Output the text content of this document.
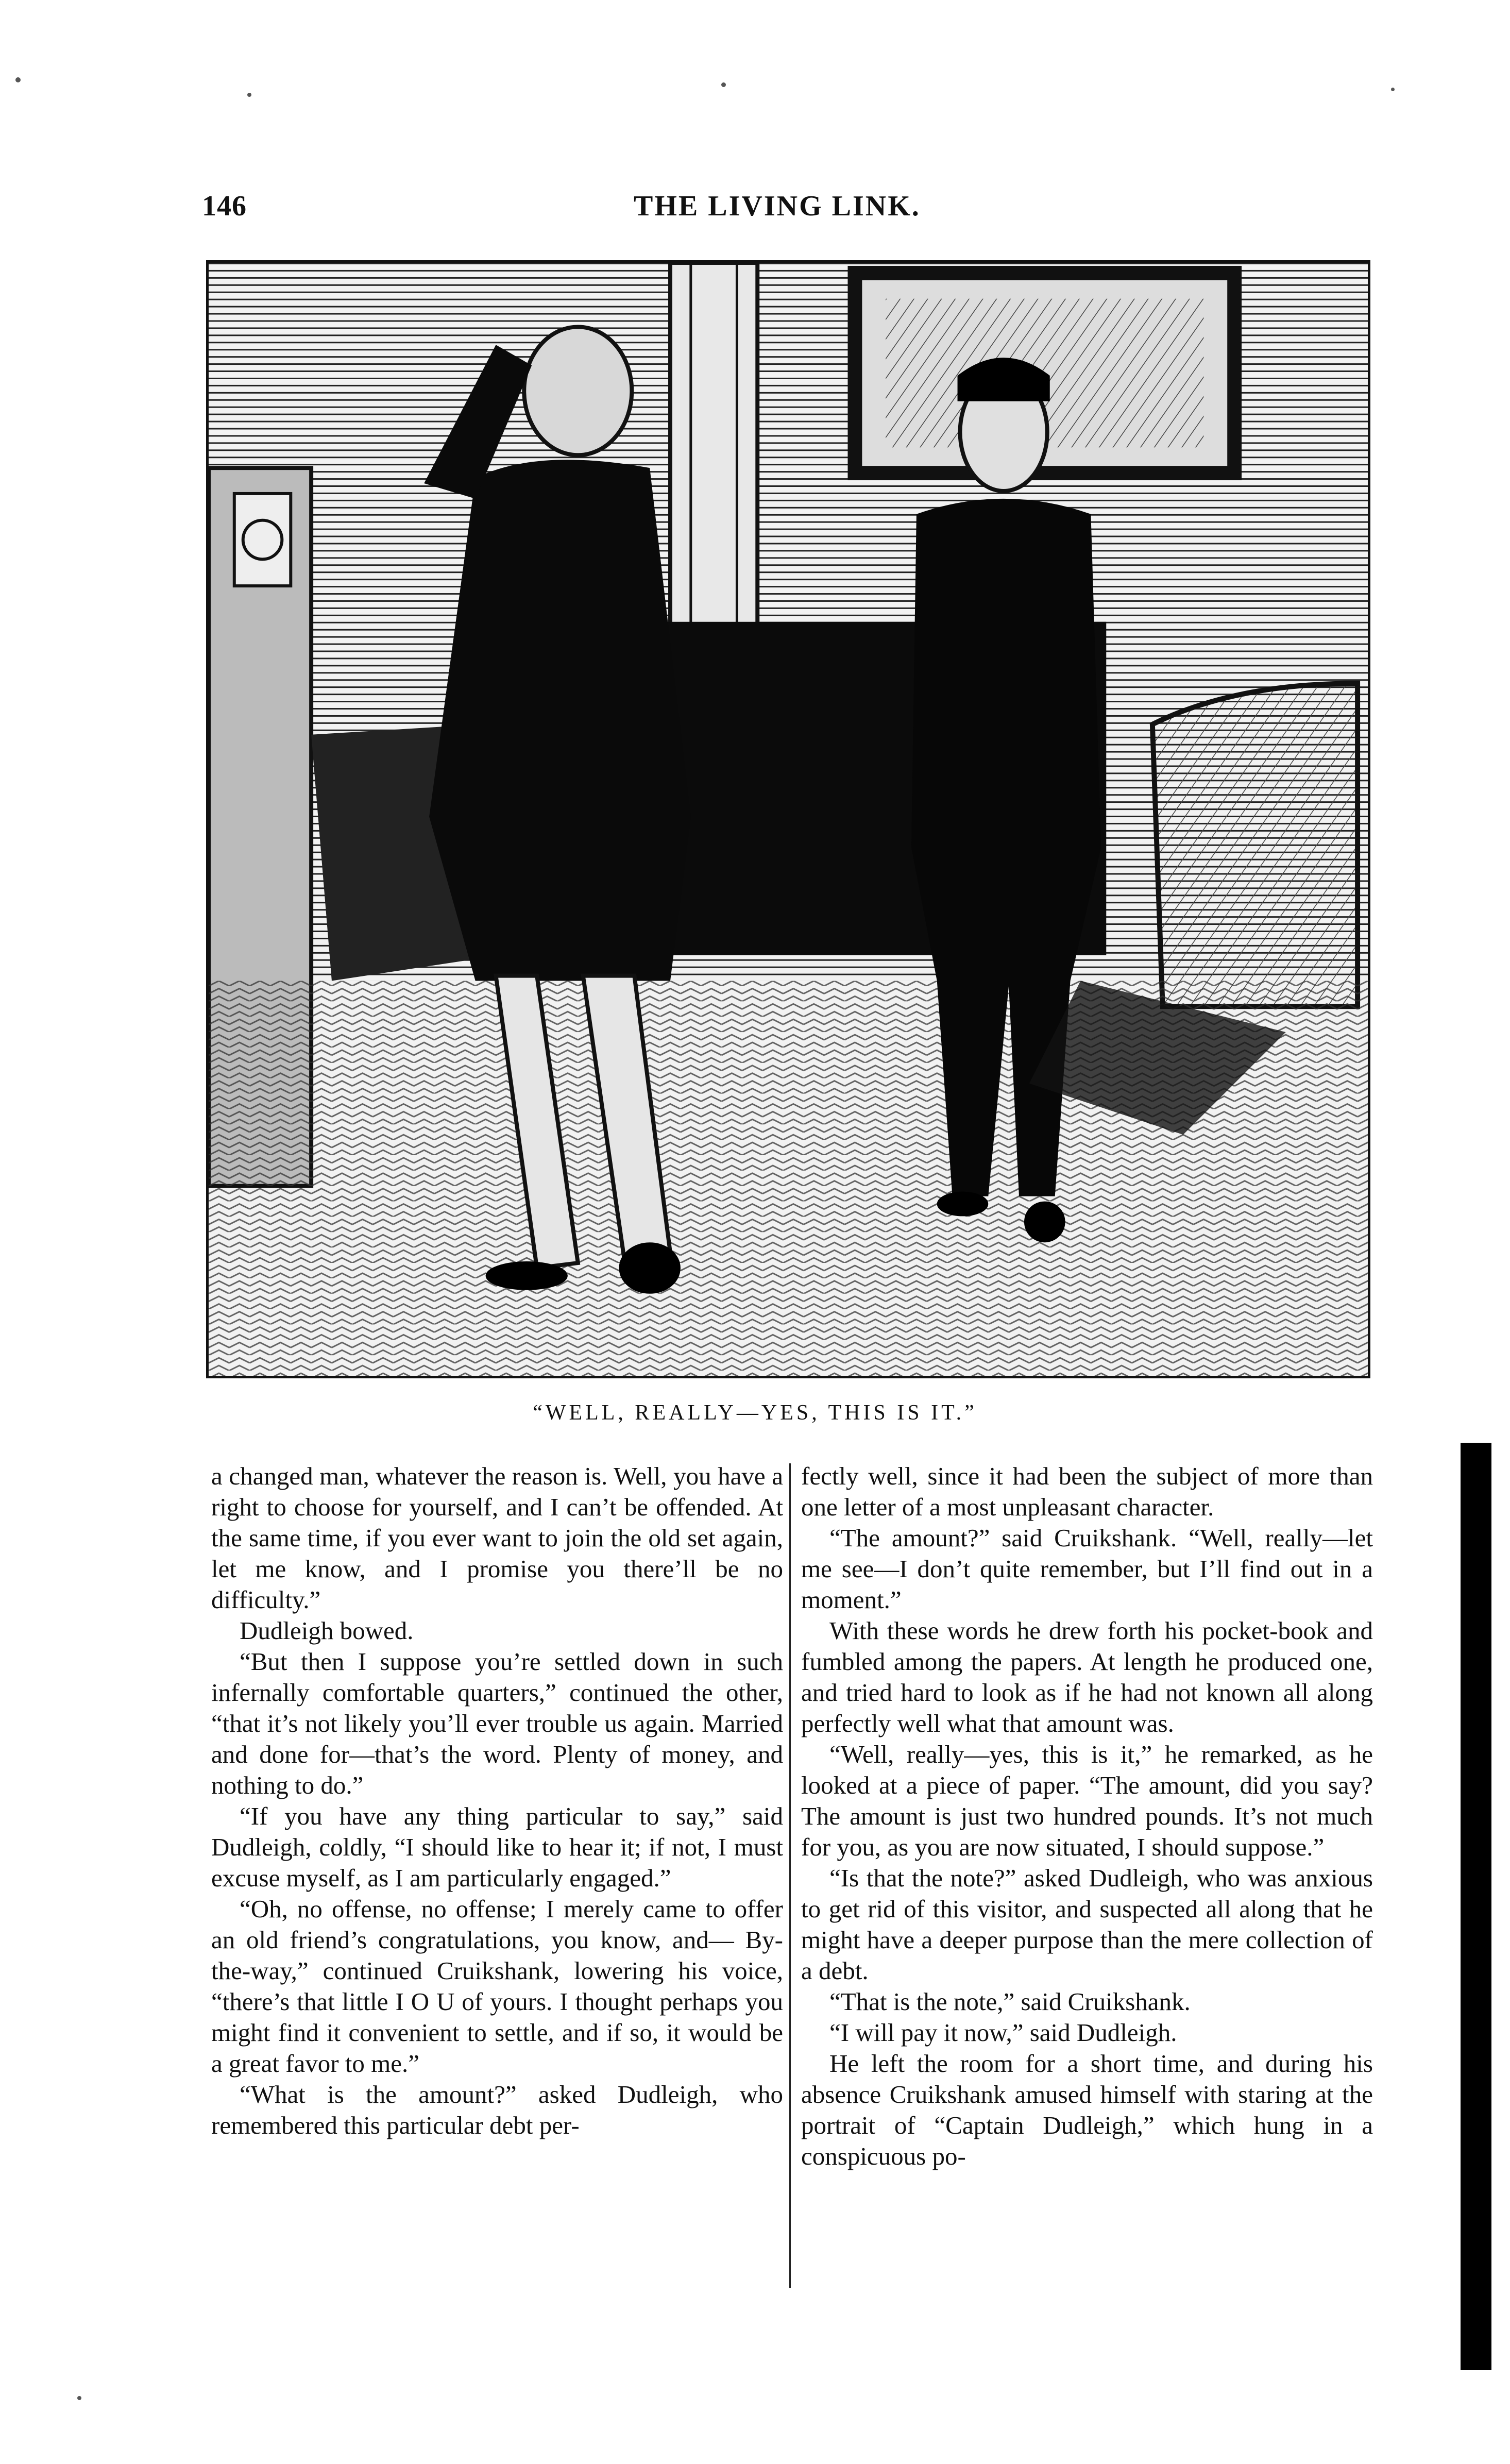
146	THE LIVING LINK.
“WELL, REALLY—YES, THIS IS IT.”

a changed man, whatever the reason is. Well, you have a right to choose for yourself, and I can’t be offended. At the same time, if you ever want to join the old set again, let me know, and I promise you there’ll be no difficulty.”

Dudleigh bowed.

“But then I suppose you’re settled down in such infernally comfortable quarters,” continued the other, “that it’s not likely you’ll ever trouble us again. Married and done for—that’s the word. Plenty of money, and nothing to do.”

“If you have any thing particular to say,” said Dudleigh, coldly, “I should like to hear it; if not, I must excuse myself, as I am particularly engaged.”

“Oh, no offense, no offense; I merely came to offer an old friend’s congratulations, you know, and— By-the-way,” continued Cruikshank, lowering his voice, “there’s that little I O U of yours. I thought perhaps you might find it convenient to settle, and if so, it would be a great favor to me.”

“What is the amount?” asked Dudleigh, who remembered this particular debt per-

fectly well, since it had been the subject of more than one letter of a most unpleasant character.

“The amount?” said Cruikshank. “Well, really—let me see—I don’t quite remember, but I’ll find out in a moment.”

With these words he drew forth his pocket-book and fumbled among the papers. At length he produced one, and tried hard to look as if he had not known all along perfectly well what that amount was.

“Well, really—yes, this is it,” he remarked, as he looked at a piece of paper. “The amount, did you say? The amount is just two hundred pounds. It’s not much for you, as you are now situated, I should suppose.”

“Is that the note?” asked Dudleigh, who was anxious to get rid of this visitor, and suspected all along that he might have a deeper purpose than the mere collection of a debt.

“That is the note,” said Cruikshank.

“I will pay it now,” said Dudleigh.

He left the room for a short time, and during his absence Cruikshank amused himself with staring at the portrait of “Captain Dudleigh,” which hung in a conspicuous po-
